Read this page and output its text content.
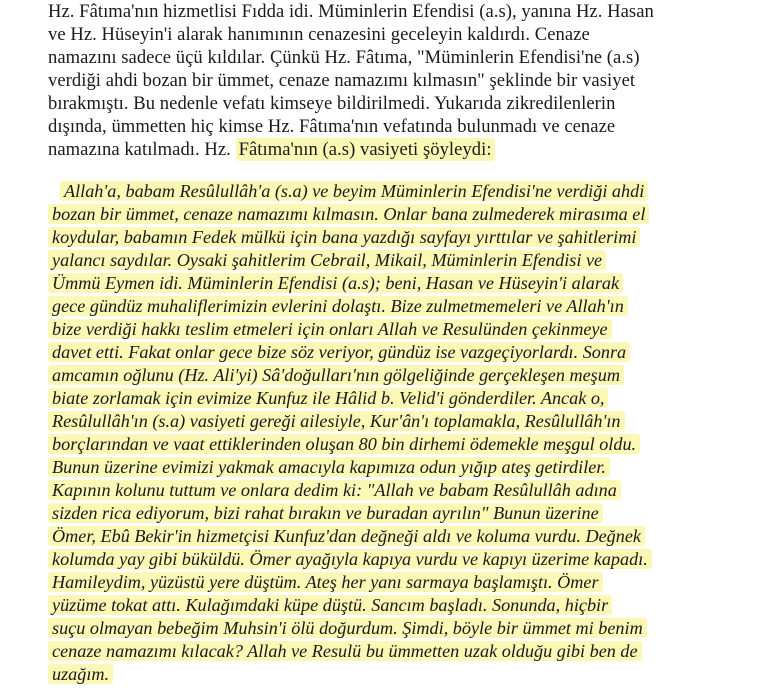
Hz. Fâtıma'nın hizmetlisi Fıdda idi. Müminlerin Efendisi (a.s), yanına Hz. Hasan
ve Hz. Hüseyin'i alarak hanımının cenazesini geceleyin kaldırdı. Cenaze
namazını sadece üçü kıldılar. Çünkü Hz. Fâtıma, "Müminlerin Efendisi'ne (a.s)
verdiği ahdi bozan bir ümmet, cenaze namazımı kılmasın" şeklinde bir vasiyet
bırakmıştı. Bu nedenle vefatı kimseye bildirilmedi. Yukarıda zikredilenlerin
dışında, ümmetten hiç kimse Hz. Fâtıma'nın vefatında bulunmadı ve cenaze
namazına katılmadı. Hz. Fâtıma'nın (a.s) vasiyeti şöyleydi:
Allah'a, babam Resûlullâh'a (s.a) ve beyim Müminlerin Efendisi'ne verdiği ahdi
bozan bir ümmet, cenaze namazımı kılmasın. Onlar bana zulmederek mirasıma el
koydular, babamın Fedek mülkü için bana yazdığı sayfayı yırttılar ve şahitlerimi
yalancı saydılar. Oysaki şahitlerim Cebrail, Mikail, Müminlerin Efendisi ve
Ümmü Eymen idi. Müminlerin Efendisi (a.s); beni, Hasan ve Hüseyin'i alarak
gece gündüz muhaliflerimizin evlerini dolaştı. Bize zulmetmemeleri ve Allah'ın
bize verdiği hakkı teslim etmeleri için onları Allah ve Resulünden çekinmeye
davet etti. Fakat onlar gece bize söz veriyor, gündüz ise vazgeçiyorlardı. Sonra
amcamın oğlunu (Hz. Ali'yi) Sâ'doğulları'nın gölgeliğinde gerçekleşen meşum
biate zorlamak için evimize Kunfuz ile Hâlid b. Velid'i gönderdiler. Ancak o,
Resûlullâh'ın (s.a) vasiyeti gereği ailesiyle, Kur'ân'ı toplamakla, Resûlullâh'ın
borçlarından ve vaat ettiklerinden oluşan 80 bin dirhemi ödemekle meşgul oldu.
Bunun üzerine evimizi yakmak amacıyla kapımıza odun yığıp ateş getirdiler.
Kapının kolunu tuttum ve onlara dedim ki: "Allah ve babam Resûlullâh adına
sizden rica ediyorum, bizi rahat bırakın ve buradan ayrılın" Bunun üzerine
Ömer, Ebû Bekir'in hizmetçisi Kunfuz'dan değneği aldı ve koluma vurdu. Değnek
kolumda yay gibi büküldü. Ömer ayağıyla kapıya vurdu ve kapıyı üzerime kapadı.
Hamileydim, yüzüstü yere düştüm. Ateş her yanı sarmaya başlamıştı. Ömer
yüzüme tokat attı. Kulağımdaki küpe düştü. Sancım başladı. Sonunda, hiçbir
suçu olmayan bebeğim Muhsin'i ölü doğurdum. Şimdi, böyle bir ümmet mi benim
cenaze namazımı kılacak? Allah ve Resulü bu ümmetten uzak olduğu gibi ben de
uzağım.
